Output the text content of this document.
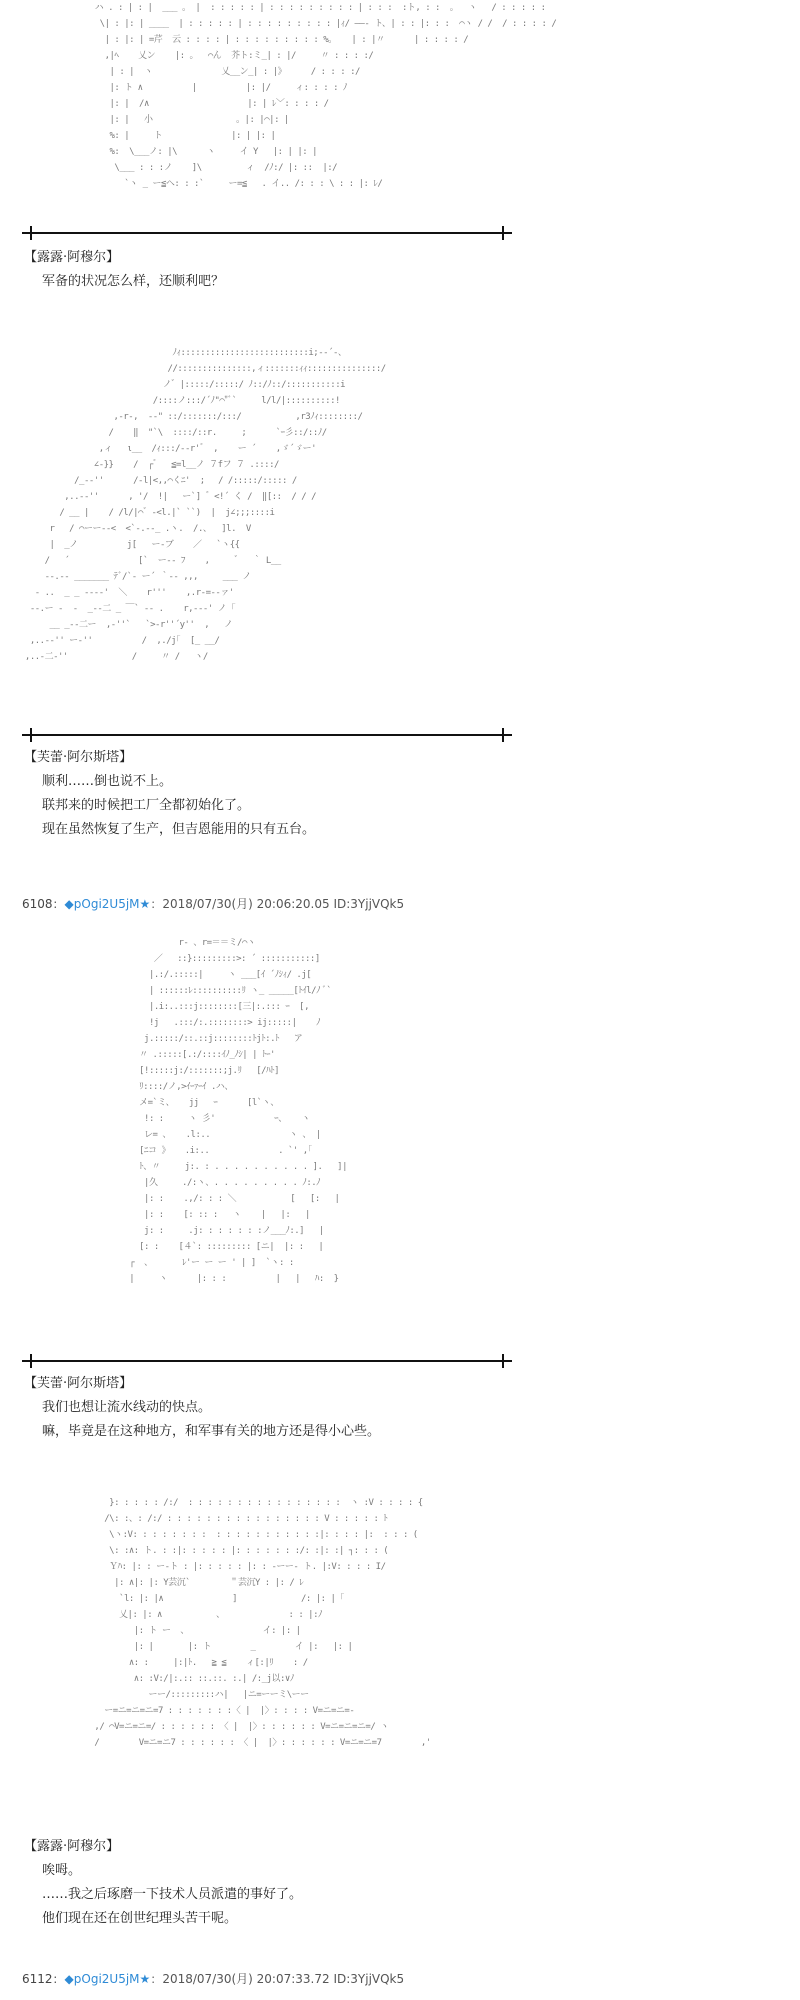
ハ . : | : |  ___ 。 |  : : : : : | : : : : : : : : : | : : :  :ト, : :  。  ヽ   / : : : : :
\| : |: | ____  | : : : : : | : : : : : : : : : |ｨ/ ——‐ ト、| : : |: : :  ⌒ヽ / /  / : : : : /
| : |: | =芹  云 : : : : | : : : : : : : : : %。   | : |〃      | : : : : /
,|ﾍ    乂ン    |: 。  ⌒ん  芥ト:ミ_| : |/     〃 : : : :/
| : |  ヽ              乂__ン_| : |》     / : : : :/
|: ト ∧          |          |: |/     ィ: : : : ﾉ
|: |  /∧                    |: | ﾚ﹀: : : : /
|: |   小                 。|: |⌒|: |
%: |     ト              |: | |: |
%:  \___ノ: |\      ヽ     イ Y   |: | |: |
\___ : : :ノ    ]\         ィ  /ﾉ:/ |: ::  |:/
`ヽ _ ー≦ヘ: : :`     ー=≦   . イ.. /: : : \ : : |: ﾚ/
ﾉｨ::::::::::::::::::::::::::i;-‐´‐、
//:::::::::::::::,ィ:::::::ｨｨ:::::::::::::::/
ノ゛|:::::/:::::/ ﾉ::/ﾉ::/:::::::::::i
/::::ノ:::/´ﾉ"⌒"ﾞ`     l/l/|::::::::::!
,-r-,  ‐-" ::/:::::::/:::/           ,r3ﾉｨ::::::::/
/    ‖  "`\  ::::/::r.     ;      `ｰ彡::/::ﾉ/
,ィ   ι__  /ｨ:::/--r'゛ ,    ー ´    ,ゞ´ゞー'
∠-}}    /  ┌゛  ≦=l__ノ ７fフ ７ .::::/
/_-‐''      /-l|<,,⌒くﾆ'  ; 　/ /:::::/::::: /
,..-‐''      , '/  !|   ー`] ゛<!´ く /  ‖[::  / / /
/ __ |    / /l/|⌒゛‐<l.|` ``)  |  j∠;;;::::i
r   / ⌒ーー‐-<  <`‐.--_ .ヽ.  /.、  ]l.  V
|  _ノ          j[   ー-ブ    ／   `ヽ{{
/   ´              [`  ー-- ﾌ    ,     ゛  ｀ L__
‐-.-- _______ ﾃﾞ/`‐ ー´ ｀‐- ,,,     ___ ノ
- ..  _ _ ‐--‐'  ＼    r'''    ,.r-=‐-ァ'
‐‐.ー ‐  ‐  _-‐二 _ ￣` ‐- .    r,‐-‐' ノ ｢
__ _-‐二ー  ,‐''`   `>‐r''´y''  ,   ノ
,..-‐'' ー-''          /  ,./j｢  [_ __/
,..-二-''             /     〃 /   ヽ/
r‐ 、r=＝＝ミ/⌒ヽ
／   ::}:::::::::>: ´ :::::::::::]
|.:/.:::::|     ヽ ___[ｲ ´ﾉｼｨ/ .j[
| ::::::ﾚ::::::::::ﾘ ヽ_ _____[ﾄｲl/ﾉ ﾞ`
|.i:..:::j::::::::[三|:.::: ｰ  [,
!j   .:::/:.::::::::> ij:::::|    ﾉ
j.:::::/::.::j::::::::ﾄjﾄ:.ﾄ   ア
〃 .:::::[.:/::::ｲﾉ_ﾉｼ| | ﾄｰ'
[!:::::j:/:::::::;j.ﾘ   [/ﾊﾄ]
ﾘ::::/ノ,>ｲｰｧｰｲ .ハ、
メ=`ミ、   jj   ｰ      [l`ヽ、
!: :     ヽ 彡'            ｰ、   ヽ
レ= 、   .l:..                ヽ 、 |
[ﾆコ 》   .i:..              . `' ,｢
ﾄ、〃     j:. : . . . . . . . . . . ].   ]|
|久     ./:ヽ、. . . . . . . . . ﾉ:.ﾉ
|: :    .,/: : : ＼           [   [:   |
|: :    [: :: :   ヽ    |   |:   |
j: :     .j: : : : : : :ノ___ﾉ:.]   |
[: :    [４`: ::::::::: [ニ|  |: :   |
┌  、      ﾚ'ー ー ー ' | ]  `ヽ: :
|     ヽ      |: : :          |   |   ﾊ:  }
}: : : : : /:/  : : : : : : : : : : : : : : : :  ヽ :V : : : : {
/\: :、: /:/ : : : : : : : : : : : : : : : : V : : : : : ﾄ
\ヽ:V: : : : : : : :  : : : : : : : : : : :|: : : : |:  : : : (
\: :∧: ト. : :|: : : : : |: : : : : : :/: :|: :| ┐: : : (
Ｙﾊ: |: : ー‐ト : |: : : : : |: : ‐ーー‐ ト. |:V: : : : I/
|: ∧|: |: Y芸沉`        ＂芸沉Y : |: / ﾚ
`l: |: |∧              ]             /: |: |「
乂|: |: ∧           、             : : |:ﾉ
|: ト ー  、               イ: |: |
|: |       |: ト        _        イ |:   |: |
∧: :     |:|ﾄ.   ≧ ≦    ィ[:|ﾘ    : /
∧: :V:/|:.:: ::.::. :.| /:_j以:∨ﾉ
ーー/:::::::::ハ|   |ニ=ーーミ\ーー
ー=ニ=ニ=ニ=7 : : : : : : :〈 |  |〉: : : : V=ニ=ニ=-
,/ ⌒V=ニ=ニ=/ : : : : : : 〈 |  |〉: : : : : : V=ニ=ニ=ニ=/ ヽ
/        V=ニ=ニ7 : : : : : : 〈 |  |〉: : : : : : V=ニ=ニ=7        ,'
【露露·阿穆尔】
军备的状况怎么样，还顺利吧？
【芙蕾·阿尔斯塔】
顺利……倒也说不上。
联邦来的时候把工厂全都初始化了。
现在虽然恢复了生产，但吉恩能用的只有五台。
【芙蕾·阿尔斯塔】
我们也想让流水线动的快点。
嘛，毕竟是在这种地方，和军事有关的地方还是得小心些。
【露露·阿穆尔】
唉呣。
……我之后琢磨一下技术人员派遣的事好了。
他们现在还在创世纪理头苦干呢。
6108：◆pOgi2U5jM★：2018/07/30(月) 20:06:20.05 ID:3YjjVQk5
6112：◆pOgi2U5jM★：2018/07/30(月) 20:07:33.72 ID:3YjjVQk5
